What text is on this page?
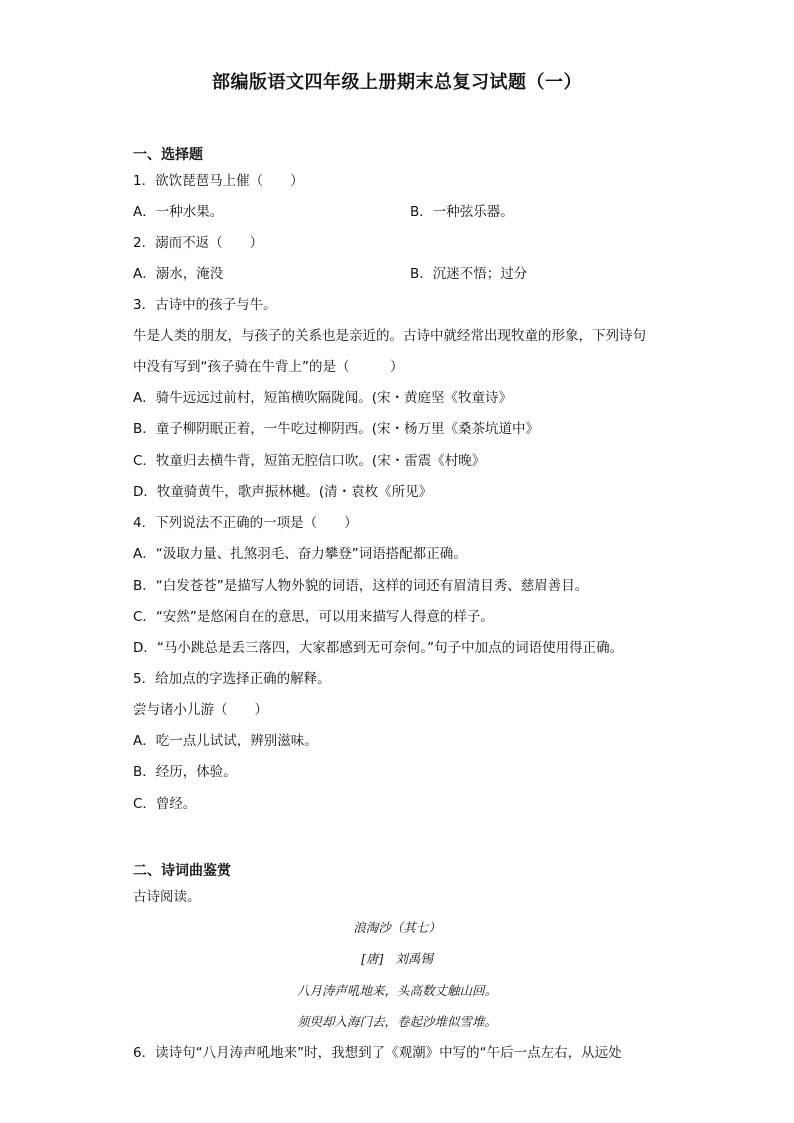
部编版语文四年级上册期末总复习试题（一）
一、选择题
1．欲饮琵琶马上催（　　）
A．一种水果。	B．一种弦乐器。
2．溺而不返（　　）
A．溺水，淹没	B．沉迷不悟；过分
3．古诗中的孩子与牛。
牛是人类的朋友，与孩子的关系也是亲近的。古诗中就经常出现牧童的形象，下列诗句
中没有写到“孩子骑在牛背上”的是（　　　）
A．骑牛远远过前村，短笛横吹隔陇闻。(宋・黄庭坚《牧童诗》
B．童子柳阴眠正着，一牛吃过柳阴西。(宋・杨万里《桑茶坑道中》
C．牧童归去横牛背，短笛无腔信口吹。(宋・雷震《村晚》
D．牧童骑黄牛，歌声振林樾。(清・袁枚《所见》
4．下列说法不正确的一项是（　　）
A．“汲取力量、扎煞羽毛、奋力攀登”词语搭配都正确。
B．“白发苍苍”是描写人物外貌的词语，这样的词还有眉清目秀、慈眉善目。
C．“安然”是悠闲自在的意思，可以用来描写人得意的样子。
D．“马小跳总是丢三落四，大家都感到无可奈何。”句子中加点的词语使用得正确。
5．给加点的字选择正确的解释。
尝与诸小儿游（　　）
A．吃一点儿试试，辨别滋味。
B．经历，体验。
C．曾经。
二、诗词曲鉴赏
古诗阅读。
浪淘沙（其七）
[唐] 刘禹锡
八月涛声吼地来，头高数丈触山回。
须臾却入海门去，卷起沙堆似雪堆。
6．读诗句“八月涛声吼地来”时，我想到了《观潮》中写的“午后一点左右，从远处
